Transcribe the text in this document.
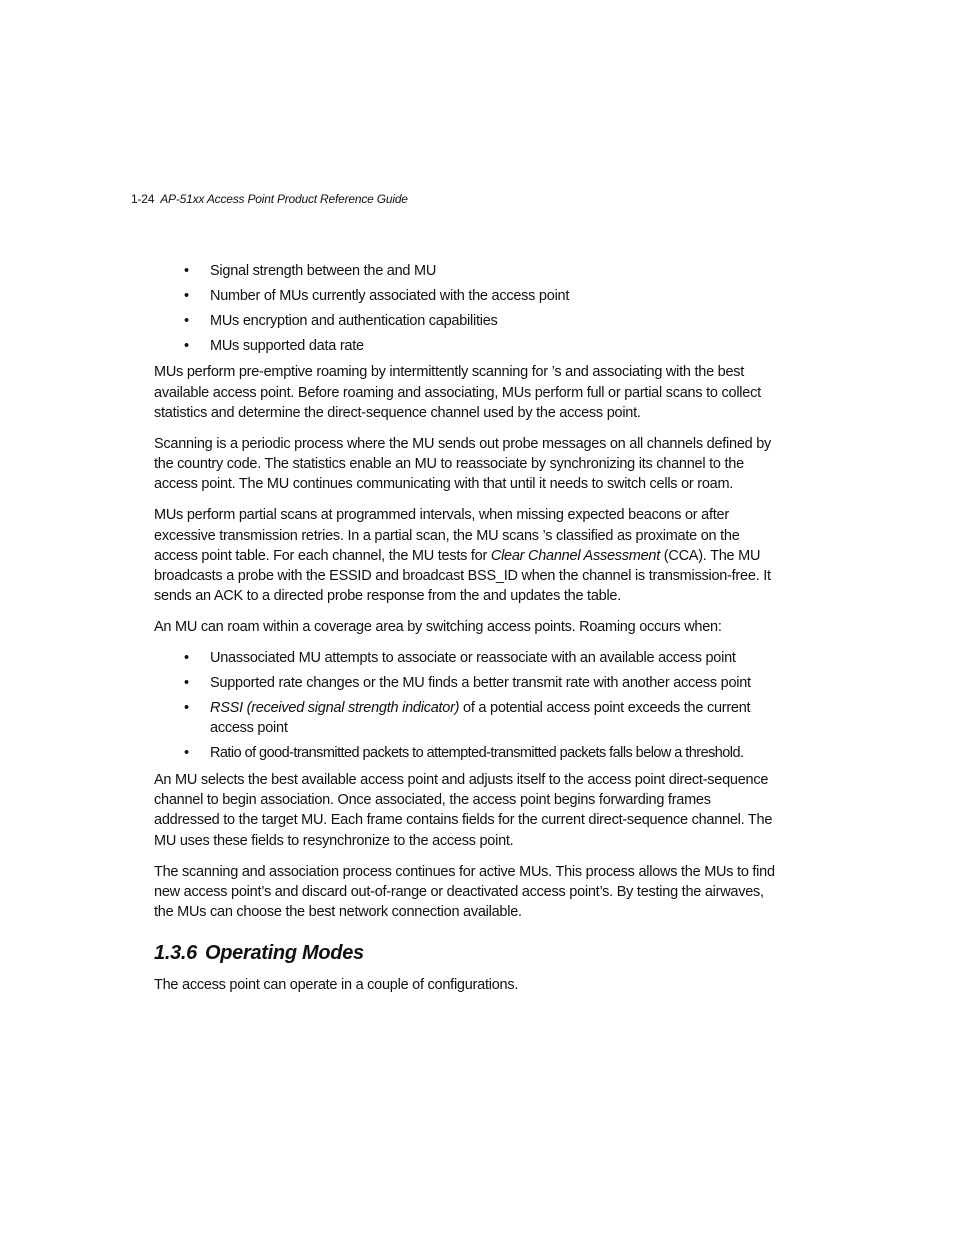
1-24 AP-51xx Access Point Product Reference Guide
• Signal strength between the and MU
• Number of MUs currently associated with the access point
• MUs encryption and authentication capabilities
• MUs supported data rate

MUs perform pre-emptive roaming by intermittently scanning for ’s and associating with the best available access point. Before roaming and associating, MUs perform full or partial scans to collect statistics and determine the direct-sequence channel used by the access point.

Scanning is a periodic process where the MU sends out probe messages on all channels defined by the country code. The statistics enable an MU to reassociate by synchronizing its channel to the access point. The MU continues communicating with that until it needs to switch cells or roam.

MUs perform partial scans at programmed intervals, when missing expected beacons or after excessive transmission retries. In a partial scan, the MU scans ’s classified as proximate on the access point table. For each channel, the MU tests for Clear Channel Assessment (CCA). The MU broadcasts a probe with the ESSID and broadcast BSS_ID when the channel is transmission-free. It sends an ACK to a directed probe response from the and updates the table.

An MU can roam within a coverage area by switching access points. Roaming occurs when:

• Unassociated MU attempts to associate or reassociate with an available access point
• Supported rate changes or the MU finds a better transmit rate with another access point
• RSSI (received signal strength indicator) of a potential access point exceeds the current access point
• Ratio of good-transmitted packets to attempted-transmitted packets falls below a threshold.

An MU selects the best available access point and adjusts itself to the access point direct-sequence channel to begin association. Once associated, the access point begins forwarding frames addressed to the target MU. Each frame contains fields for the current direct-sequence channel. The MU uses these fields to resynchronize to the access point.

The scanning and association process continues for active MUs. This process allows the MUs to find new access point’s and discard out-of-range or deactivated access point’s. By testing the airwaves, the MUs can choose the best network connection available.

1.3.6 Operating Modes

The access point can operate in a couple of configurations.
